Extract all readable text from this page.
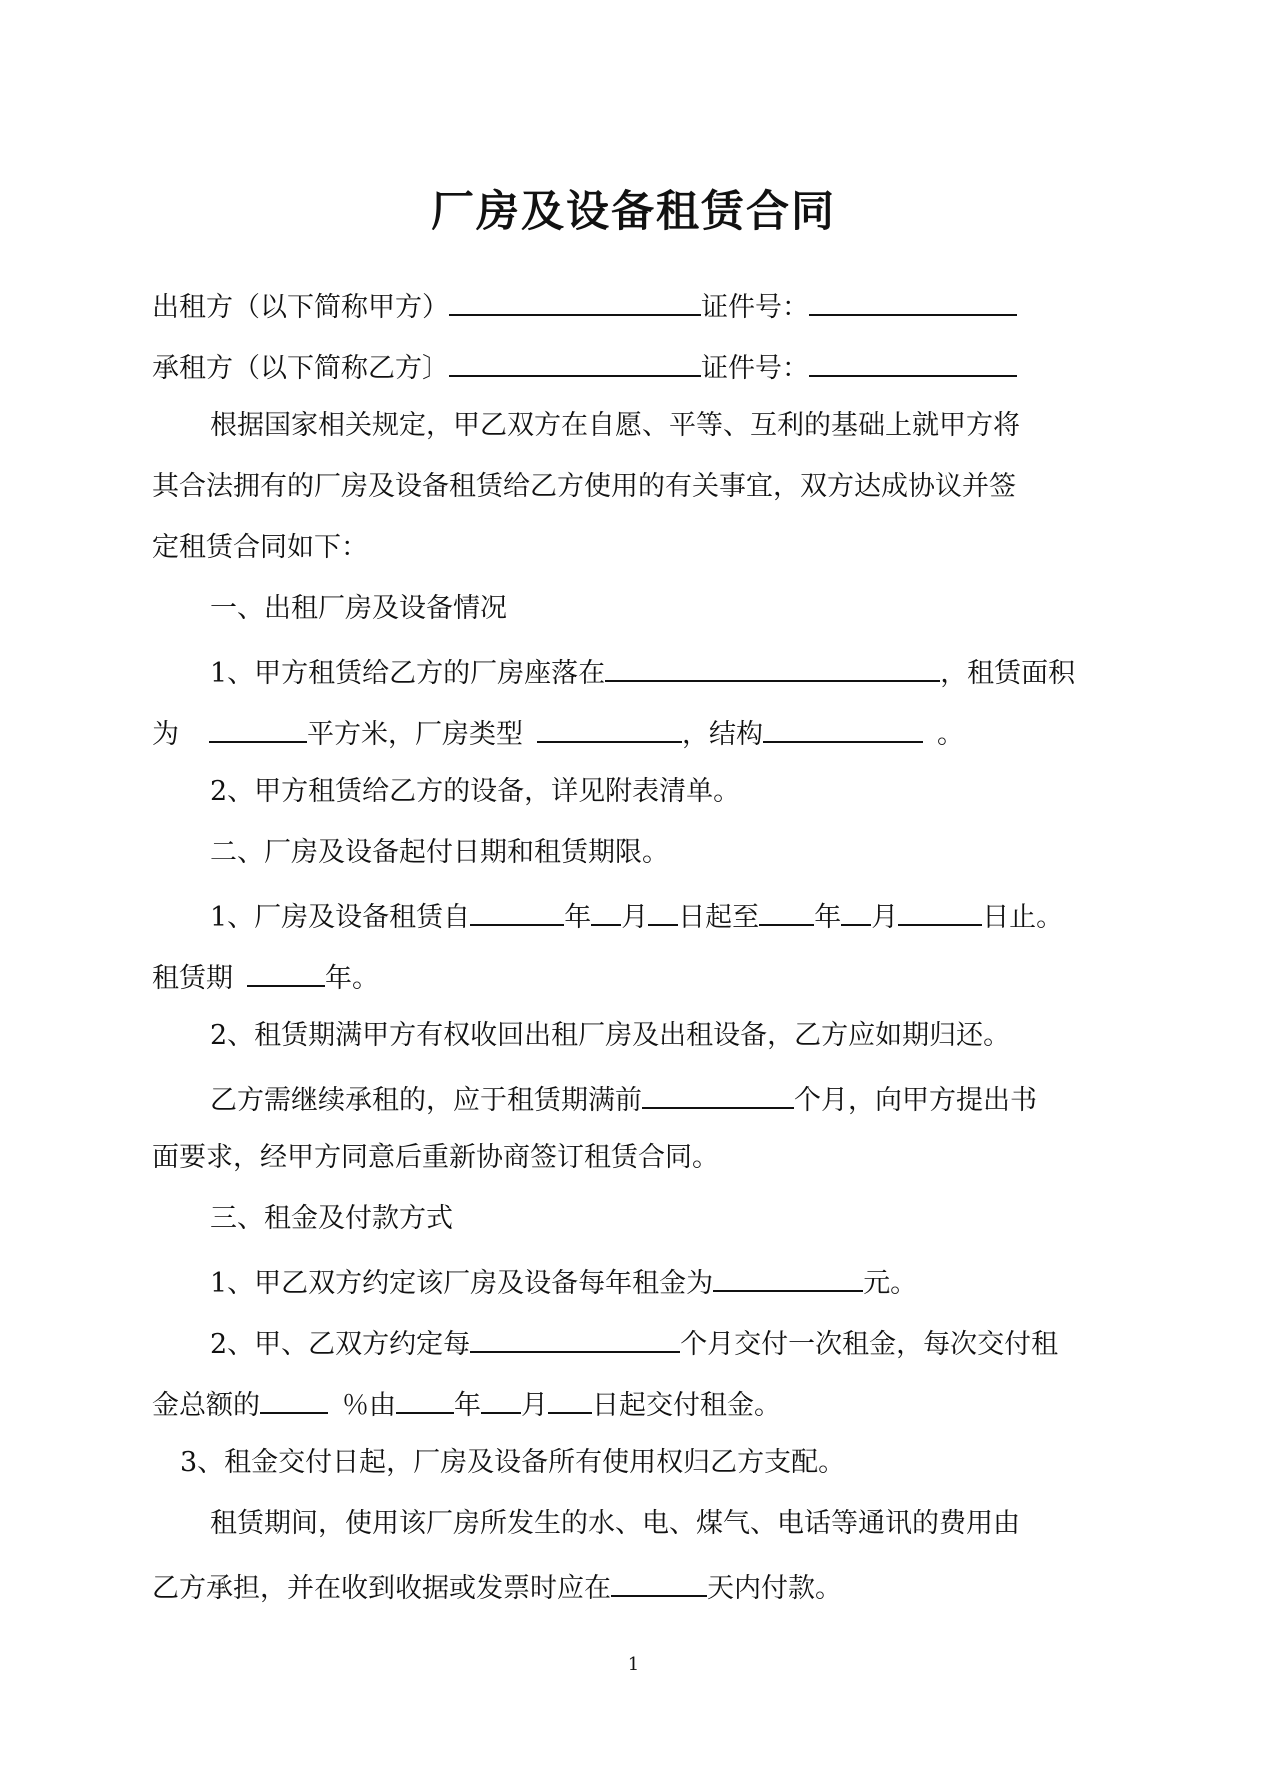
厂房及设备租赁合同
出租方（以下简称甲方）	证件号：
承租方（以下简称乙方〕	证件号：
根据国家相关规定，甲乙双方在自愿、平等、互利的基础上就甲方将
其合法拥有的厂房及设备租赁给乙方使用的有关事宜，双方达成协议并签
定租赁合同如下：
一、出租厂房及设备情况
1、甲方租赁给乙方的厂房座落在	，租赁面积
为	平方米，厂房类型	，结构	。
2、甲方租赁给乙方的设备，详见附表清单。
二、厂房及设备起付日期和租赁期限。
1、厂房及设备租赁自	年 月 日起至 年 月	日止。
租赁期	年。
2、租赁期满甲方有权收回出租厂房及出租设备，乙方应如期归还。
乙方需继续承租的，应于租赁期满前	个月，向甲方提出书
面要求，经甲方同意后重新协商签订租赁合同。
三、租金及付款方式
1、甲乙双方约定该厂房及设备每年租金为	元。
2、甲、乙双方约定每	个月交付一次租金，每次交付租
金总额的	％由 年 月 日起交付租金。
3、租金交付日起，厂房及设备所有使用权归乙方支配。
租赁期间，使用该厂房所发生的水、电、煤气、电话等通讯的费用由
乙方承担，并在收到收据或发票时应在	天内付款。
1
